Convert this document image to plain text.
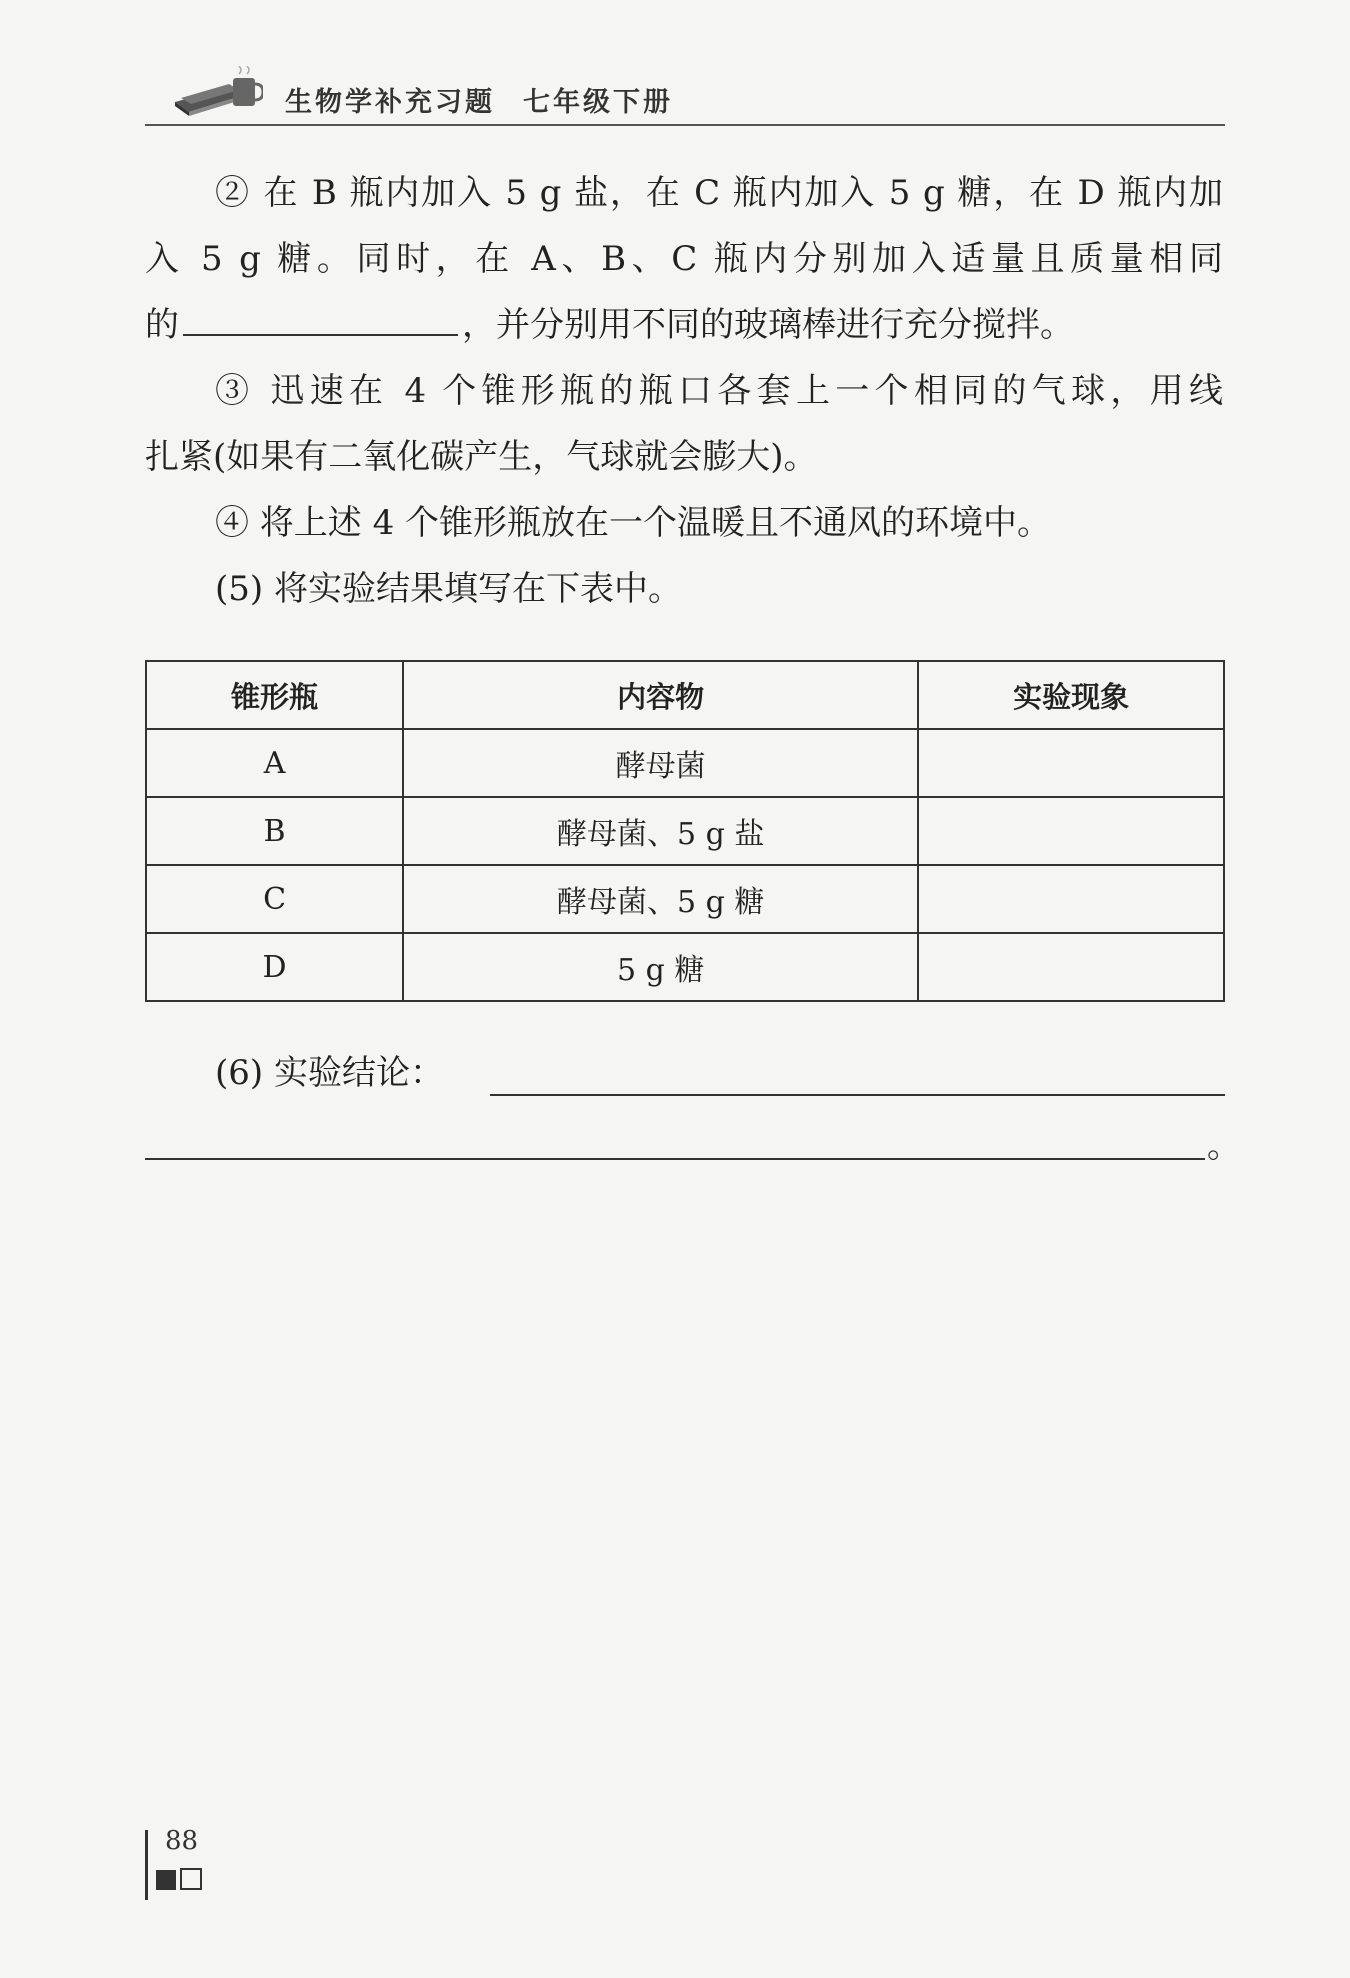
生物学补充习题 七年级下册
② 在 B 瓶内加入 5 g 盐，在 C 瓶内加入 5 g 糖，在 D 瓶内加
入 5 g 糖。同时，在 A、B、C 瓶内分别加入适量且质量相同
的	，并分别用不同的玻璃棒进行充分搅拌。
③ 迅速在 4 个锥形瓶的瓶口各套上一个相同的气球，用线
扎紧(如果有二氧化碳产生，气球就会膨大)。
④ 将上述 4 个锥形瓶放在一个温暖且不通风的环境中。
(5) 将实验结果填写在下表中。
锥形瓶	内容物	实验现象
A	酵母菌	
B	酵母菌、5 g 盐	
C	酵母菌、5 g 糖	
D	5 g 糖	
(6) 实验结论：
。
88
